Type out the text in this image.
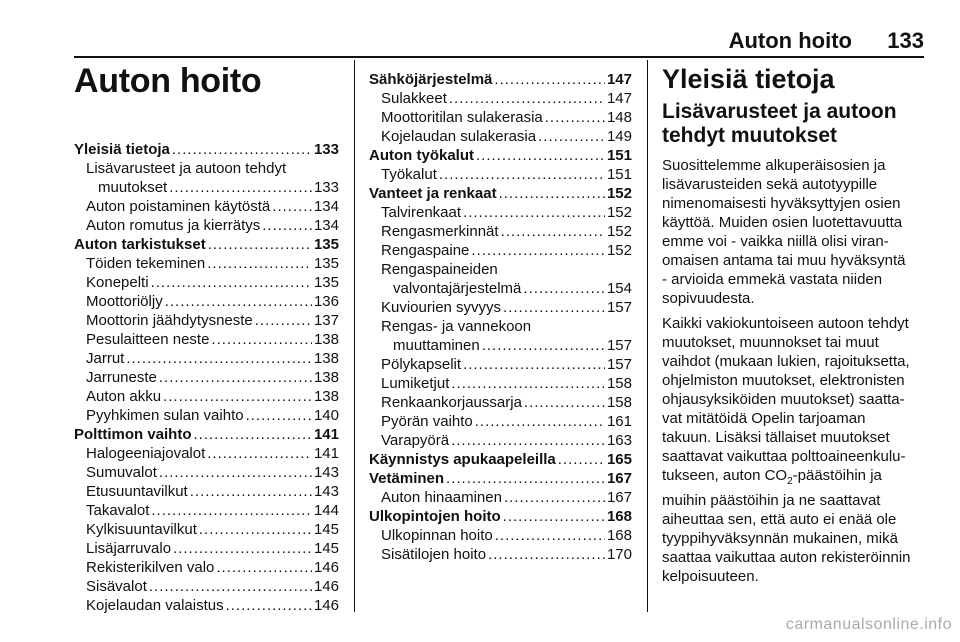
Auton hoito 133
Auton hoito
Yleisiä tietoja .....	133
Lisävarusteet ja autoon tehdyt
muutokset .....	133
Auton poistaminen käytöstä .....	134
Auton romutus ja kierrätys .....	134
Auton tarkistukset .....	135
Töiden tekeminen .....	135
Konepelti .....	135
Moottoriöljy .....	136
Moottorin jäähdytysneste .....	137
Pesulaitteen neste .....	138
Jarrut .....	138
Jarruneste .....	138
Auton akku .....	138
Pyyhkimen sulan vaihto .....	140
Polttimon vaihto .....	141
Halogeeniajovalot .....	141
Sumuvalot .....	143
Etusuuntavilkut .....	143
Takavalot .....	144
Kylkisuuntavilkut .....	145
Lisäjarruvalo .....	145
Rekisterikilven valo .....	146
Sisävalot .....	146
Kojelaudan valaistus .....	146
Sähköjärjestelmä .....	147
Sulakkeet .....	147
Moottoritilan sulakerasia .....	148
Kojelaudan sulakerasia .....	149
Auton työkalut .....	151
Työkalut .....	151
Vanteet ja renkaat .....	152
Talvirenkaat .....	152
Rengasmerkinnät .....	152
Rengaspaine .....	152
Rengaspaineiden
valvontajärjestelmä .....	154
Kuviourien syvyys .....	157
Rengas- ja vannekoon
muuttaminen .....	157
Pölykapselit .....	157
Lumiketjut .....	158
Renkaankorjaussarja .....	158
Pyörän vaihto .....	161
Varapyörä .....	163
Käynnistys apukaapeleilla .....	165
Vetäminen .....	167
Auton hinaaminen .....	167
Ulkopintojen hoito .....	168
Ulkopinnan hoito .....	168
Sisätilojen hoito .....	170
Yleisiä tietoja
Lisävarusteet ja autoon
tehdyt muutokset

Suosittelemme alkuperäisosien ja
lisävarusteiden sekä autotyypille
nimenomaisesti hyväksyttyjen osien
käyttöä. Muiden osien luotettavuutta
emme voi - vaikka niillä olisi viran-
omaisen antama tai muu hyväksyntä
- arvioida emmekä vastata niiden
sopivuudesta.

Kaikki vakiokuntoiseen autoon tehdyt
muutokset, muunnokset tai muut
vaihdot (mukaan lukien, rajoituksetta,
ohjelmiston muutokset, elektronisten
ohjausyksiköiden muutokset) saatta-
vat mitätöidä Opelin tarjoaman
takuun. Lisäksi tällaiset muutokset
saattavat vaikuttaa polttoaineenkulu-
tukseen, auton $CO_2$-päästöihin ja
muihin päästöihin ja ne saattavat
aiheuttaa sen, että auto ei enää ole
tyyppihyväksynnän mukainen, mikä
saattaa vaikuttaa auton rekisteröinnin
kelpoisuuteen.

carmanualsonline.info
